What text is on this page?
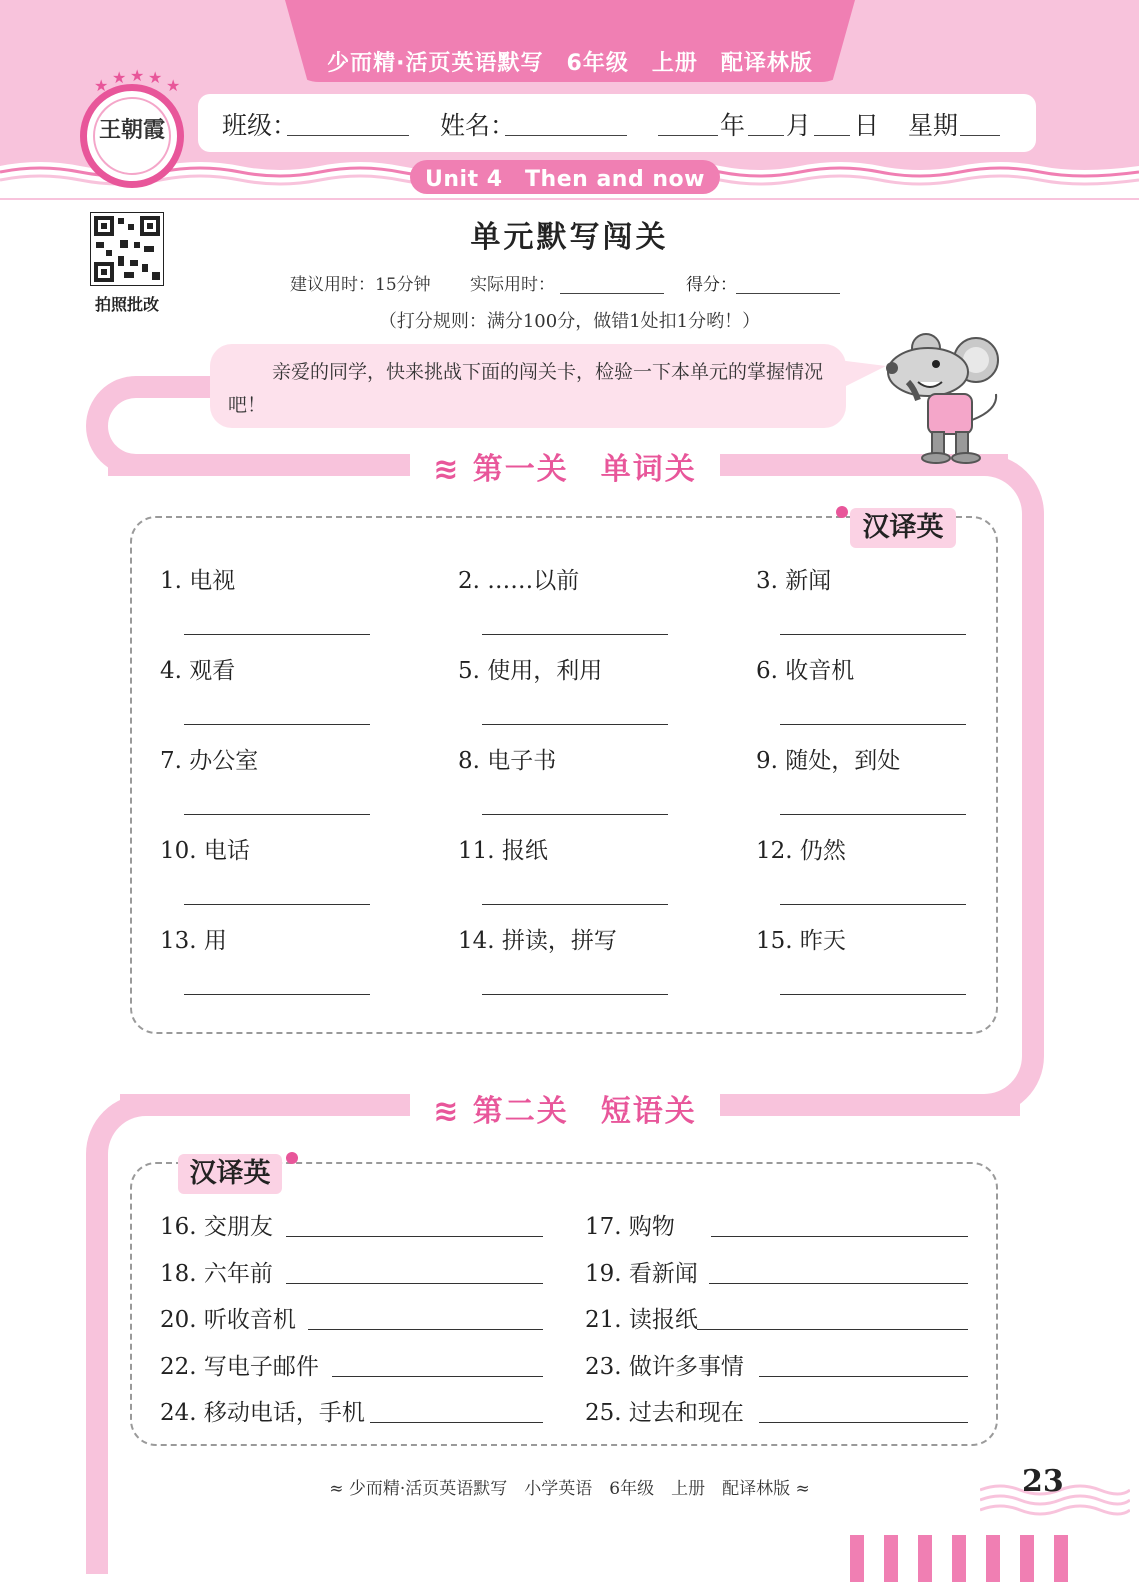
少而精·活页英语默写　6年级　上册　配译林版
班级：	姓名：	年 月 日 星期
王朝霞
★ ★ ★ ★ ★
Unit 4　Then and now
拍照批改
单元默写闯关
建议用时：15分钟 实际用时：	得分：
（打分规则：满分100分，做错1处扣1分哟！）
亲爱的同学，快来挑战下面的闯关卡，检验一下本单元的掌握情况吧！
≋ 第一关　单词关
汉译英
≋ 第二关　短语关
汉译英
≈ 少而精·活页英语默写　小学英语　6年级　上册　配译林版 ≈	23
1. 电视	2. ……以前	3. 新闻
4. 观看	5. 使用，利用	6. 收音机
7. 办公室	8. 电子书	9. 随处，到处
10. 电话	11. 报纸	12. 仍然
13. 用	14. 拼读，拼写	15. 昨天
16. 交朋友	17. 购物
18. 六年前	19. 看新闻
20. 听收音机	21. 读报纸
22. 写电子邮件	23. 做许多事情
24. 移动电话，手机	25. 过去和现在
